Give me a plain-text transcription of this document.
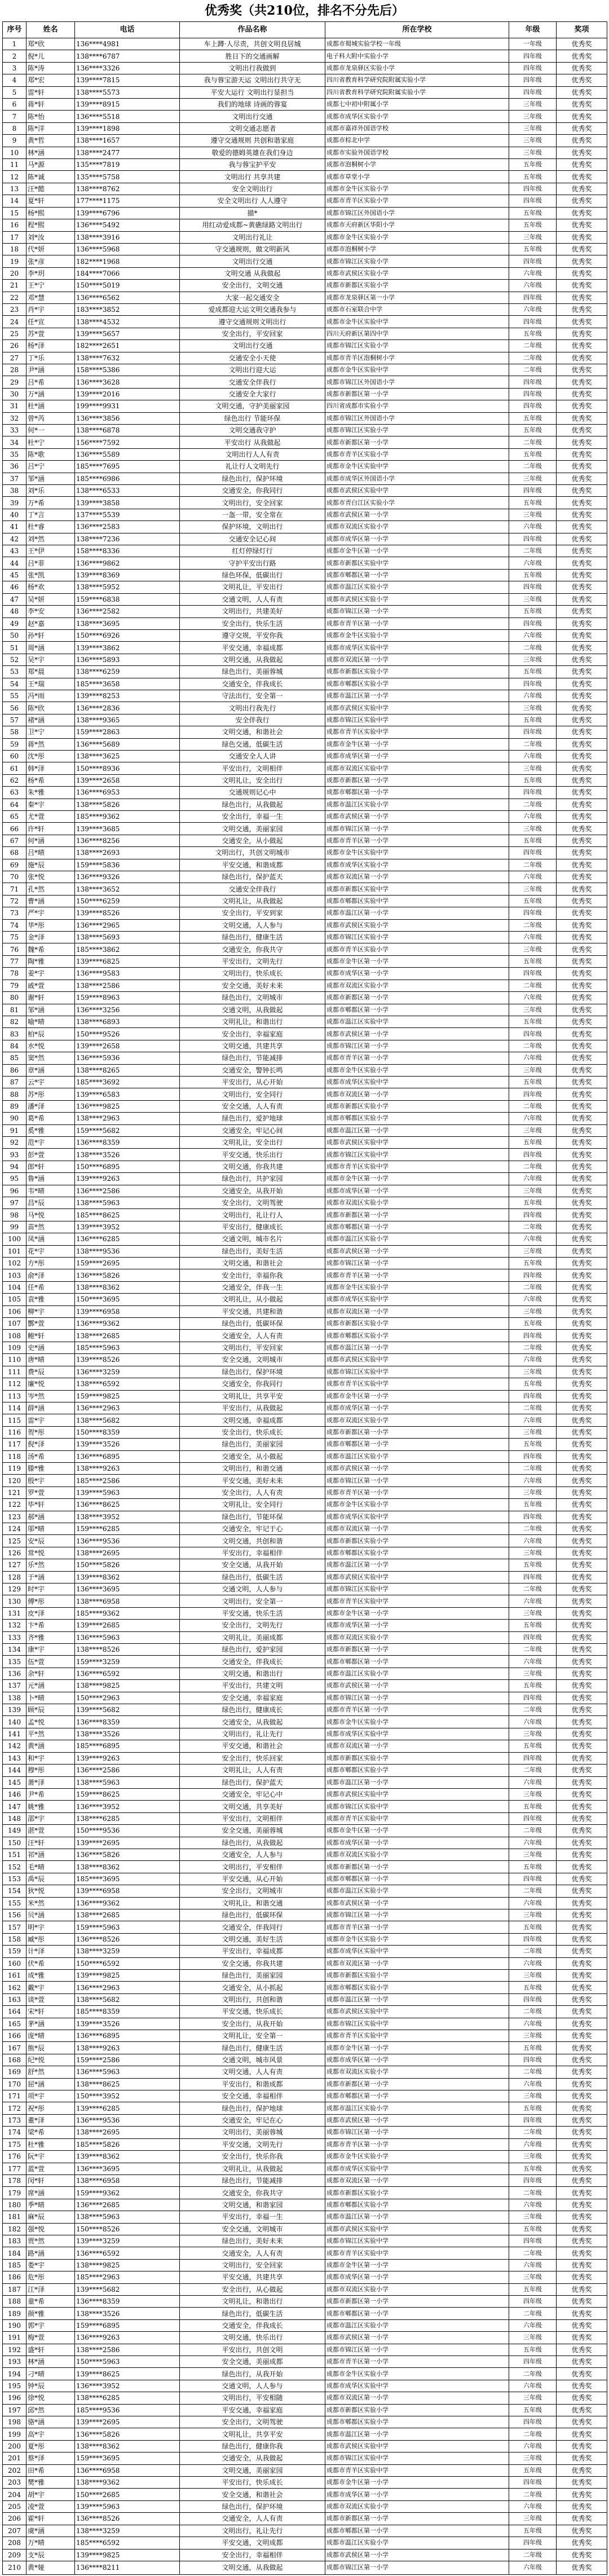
优秀奖（共210位，排名不分先后）
序号	姓名	电话	作品名称	所在学校	年级	奖项
1	郑*欣	136****4981	车上蹲·人尽责，共创文明良居城	成都市蜀城实验学校一年级	一年级	优秀奖
2	倪*儿	138****6787	胜日下的交通画解	电子科大附中实验小学	四年级	优秀奖
3	陈*涛	136****3326	文明出行我做到	成都市龙泉驿区实验小学	四年级	优秀奖
4	郑*宏	139****7815	我与蓉宝游天运 文明出行共守无	四川省教育科学研究院附属实验小学	四年级	优秀奖
5	雷*轩	138****5573	平安大运行 文明出行显担当	四川省教育科学研究院附属实验小学	四年级	优秀奖
6	蒋*轩	139****8915	我们的地球 诗画的蓉宴	成都七中初中附属小学	三年级	优秀奖
7	陈*怡	136****5518	文明出行交通	成都市成华区实验小学	三年级	优秀奖
8	陈*洋	139****1898	文明交通志愿者	成都市嘉祥外国语学校	三年级	优秀奖
9	黄*哲	138****1657	遵守交通规则 共创和谐家庭	成都市棕北中学	三年级	优秀奖
10	林*涵	138****2477	敬爱的德姆英雄在我们身边	成都市实验外国语学校	三年级	优秀奖
11	马*源	135****7819	我与蓉宝护平安	成都市泡桐树小学	五年级	优秀奖
12	陈*诚	135****5758	文明出行 共享共建	成都市草堂小学	五年级	优秀奖
13	汪*懿	138****8762	安全文明出行	成都市金牛区实验小学	四年级	优秀奖
14	夏*轩	177****1175	安全文明出行 人人遵守	成都市青羊区实验小学	四年级	优秀奖
15	杨*熙	139****6796	描*	成都市锦江区外国语小学	五年级	优秀奖
16	程*熙	136****5492	用红动爱成都~黄礁绿路文明出行	成都市天府新区华阳小学	五年级	优秀奖
17	刘*汝	138****3916	文明出行礼让	成都市金牛区实验小学	三年级	优秀奖
18	代*妍	136****5968	守交通规则，做文明新风	成都市泡桐树小学	五年级	优秀奖
19	张*彦	182****1968	文明出行交通	成都市锦江区实验小学	四年级	优秀奖
20	李*玥	184****7066	文明交通 从我做起	成都市武侯区实验小学	六年级	优秀奖
21	王*宁	150****5019	安全出行，文明交通	成都市新都区实验小学	六年级	优秀奖
22	邓*慧	136****6562	大家一起交通安全	成都市龙泉驿区第一小学	四年级	优秀奖
23	肖*宇	183****3852	爱成都迎大运文明交通我参与	成都市石室联合中学	六年级	优秀奖
24	任*宣	138****4532	遵守交通规则文明出行	成都市金牛区实验中学	四年级	优秀奖
25	苏*萱	139****5657	安全出行，平安回家	四川天府新区第四中学	五年级	优秀奖
26	杨*泽	182****2651	文明出行交通	成都市锦江区实验小学	二年级	优秀奖
27	丁*乐	138****7632	交通安全小天使	成都市青羊区泡桐树小学	二年级	优秀奖
28	尹*涵	158****5386	文明出行迎大运	成都市金牛区实验中学	二年级	优秀奖
29	吕*希	136****3628	交通安全伴我行	成都市锦江区外国语小学	四年级	优秀奖
30	万*涵	139****2016	交通安全大家行	成都市新都区第一小学	四年级	优秀奖
31	杜*涵	199****9931	文明交通，守护美丽家园	四川省成都市实验小学	四年级	优秀奖
32	曾*芮	136****3856	绿色出行 节能环保	成都市锦江区外国语小学	五年级	优秀奖
33	何*一	138****6878	文明交通我守护	成都市锦江区实验小学	五年级	优秀奖
34	杜*宁	156****7592	平安出行 从我做起	成都市新都区第一小学	二年级	优秀奖
35	陈*歌	136****5589	文明出行人人有责	成都市青羊区实验小学	五年级	优秀奖
36	吕*宁	185****7695	礼让行人文明先行	成都市金牛区实验中学	二年级	优秀奖
37	邹*涵	185****6986	绿色出行，保护环境	成都市成华区外国语小学	三年级	优秀奖
38	刘*乐	138****6533	交通安全，你我同行	成都市武侯区实验中学	四年级	优秀奖
39	万*希	139****3858	文明出行，安全回家	成都市青白江区实验小学	五年级	优秀奖
40	丁*言	137****5539	一盔一带，安全常在	成都市武侯区第一小学	三年级	优秀奖
41	杜*睿	136****2583	保护环境，文明出行	成都市双流区实验小学	六年级	优秀奖
42	刘*然	138****7236	交通安全记心间	成都市成华区第一小学	四年级	优秀奖
43	王*伊	158****8336	红灯停绿灯行	成都市金牛区第一小学	二年级	优秀奖
44	吕*菲	136****9862	守护平安出行路	成都市新都区实验中学	六年级	优秀奖
45	张*凯	139****8369	绿色环保，低碳出行	成都市郫都区第一小学	五年级	优秀奖
46	杨*欢	138****5952	文明礼让，平安出行	成都市温江区实验小学	四年级	优秀奖
47	吴*妍	159****6838	交通文明，人人有责	成都市武侯区实验小学	三年级	优秀奖
48	李*安	136****2582	文明出行，共建美好	成都市锦江区第一小学	五年级	优秀奖
49	赵*嘉	138****3695	安全出行，快乐生活	成都市青羊区第一小学	四年级	优秀奖
50	孙*轩	150****6926	遵守交规，平安你我	成都市金牛区实验小学	六年级	优秀奖
51	周*涵	139****3862	平安交通，幸福成都	成都市成华区实验中学	二年级	优秀奖
52	吴*宇	136****5893	文明交通，从我做起	成都市双流区第一小学	三年级	优秀奖
53	郑*晨	138****6259	绿色出行，美丽蓉城	成都市新都区实验小学	五年级	优秀奖
54	王*瑞	185****3658	交通安全，伴我成长	成都市郫都区实验小学	四年级	优秀奖
55	冯*雨	139****8253	守法出行，安全第一	成都市温江区第一小学	六年级	优秀奖
56	陈*欣	136****2836	文明出行我先行	成都市武侯区实验中学	三年级	优秀奖
57	褚*涵	138****9365	安全伴我行	成都市锦江区实验中学	五年级	优秀奖
58	卫*宁	159****2863	文明交通，和谐社会	成都市青羊区实验中学	四年级	优秀奖
59	蒋*然	136****5689	绿色交通，低碳生活	成都市金牛区第一小学	二年级	优秀奖
60	沈*彤	138****3625	交通安全人人讲	成都市成华区第一小学	六年级	优秀奖
61	韩*泽	150****8936	平安出行，文明相伴	成都市双流区实验中学	三年级	优秀奖
62	杨*希	139****2658	文明礼让，安全出行	成都市新都区第一小学	五年级	优秀奖
63	朱*雅	136****6953	交通规则记心中	成都市郫都区第一小学	四年级	优秀奖
64	秦*宇	138****5826	绿色出行，从我做起	成都市温江区实验小学	二年级	优秀奖
65	尤*萱	185****9362	安全出行，幸福一生	成都市武侯区第一小学	六年级	优秀奖
66	许*轩	139****3685	文明交通，美丽家园	成都市锦江区第一小学	三年级	优秀奖
67	何*涵	136****8256	交通安全，从小做起	成都市青羊区第一小学	五年级	优秀奖
68	吕*晴	138****2693	文明出行，共创文明城市	成都市金牛区实验中学	四年级	优秀奖
69	施*辰	159****5836	平安交通，和谐成都	成都市成华区实验小学	二年级	优秀奖
70	张*悦	136****9326	绿色出行，保护蓝天	成都市双流区第一小学	六年级	优秀奖
71	孔*然	138****3652	交通安全伴我行	成都市新都区实验中学	三年级	优秀奖
72	曹*涵	150****6259	文明礼让，从我做起	成都市郫都区实验中学	五年级	优秀奖
73	严*宇	139****8526	安全出行，平安到家	成都市温江区第一小学	四年级	优秀奖
74	华*彤	136****2965	文明交通，人人参与	成都市武侯区实验小学	二年级	优秀奖
75	金*泽	138****5693	绿色出行，健康生活	成都市锦江区实验小学	六年级	优秀奖
76	魏*希	185****3862	交通安全，你我共守	成都市青羊区实验小学	三年级	优秀奖
77	陶*雅	139****6825	平安出行，文明先行	成都市金牛区第一小学	五年级	优秀奖
78	姜*宇	136****9583	文明出行，快乐成长	成都市成华区第一小学	四年级	优秀奖
79	戚*萱	138****2586	安全交通，美好未来	成都市双流区实验小学	二年级	优秀奖
80	谢*轩	159****8963	绿色出行，文明城市	成都市新都区第一小学	六年级	优秀奖
81	邹*涵	136****3256	交通文明，从我做起	成都市郫都区第一小学	三年级	优秀奖
82	喻*晴	138****6893	文明礼让，和谐出行	成都市温江区实验中学	五年级	优秀奖
83	柏*辰	150****9526	安全出行，幸福家庭	成都市武侯区第一小学	四年级	优秀奖
84	水*悦	139****2658	文明交通，共建共享	成都市锦江区第一小学	二年级	优秀奖
85	窦*然	136****5936	绿色出行，节能减排	成都市青羊区第一小学	六年级	优秀奖
86	章*涵	138****8265	交通安全，警钟长鸣	成都市金牛区实验小学	三年级	优秀奖
87	云*宇	185****3692	平安出行，从心开始	成都市成华区实验中学	五年级	优秀奖
88	苏*彤	139****6583	文明出行，安全同行	成都市双流区第一小学	四年级	优秀奖
89	潘*泽	136****9825	安全交通，人人有责	成都市新都区实验小学	二年级	优秀奖
90	葛*希	138****2963	绿色出行，爱护地球	成都市郫都区实验小学	六年级	优秀奖
91	奚*雅	159****5682	交通安全，牢记心间	成都市温江区第一小学	三年级	优秀奖
92	范*宇	136****8359	文明礼让，安全出行	成都市武侯区实验中学	五年级	优秀奖
93	彭*萱	138****3526	平安交通，快乐出行	成都市锦江区实验中学	四年级	优秀奖
94	郎*轩	150****6895	文明交通，你我共建	成都市青羊区实验中学	二年级	优秀奖
95	鲁*涵	139****9263	绿色出行，共护家园	成都市金牛区第一小学	六年级	优秀奖
96	韦*晴	136****2586	交通安全，从我开始	成都市成华区第一小学	三年级	优秀奖
97	昌*辰	138****5963	安全出行，文明驾驶	成都市双流区实验小学	五年级	优秀奖
98	马*悦	185****8625	文明出行，礼让行人	成都市新都区第一小学	四年级	优秀奖
99	苗*然	139****3952	平安出行，健康成长	成都市郫都区第一小学	二年级	优秀奖
100	凤*涵	136****6285	交通文明，城市名片	成都市温江区实验小学	六年级	优秀奖
101	花*宇	138****9536	绿色出行，美好生活	成都市武侯区第一小学	三年级	优秀奖
102	方*彤	159****2695	文明交通，和谐社会	成都市锦江区第一小学	五年级	优秀奖
103	俞*泽	136****5826	安全出行，幸福你我	成都市青羊区第一小学	四年级	优秀奖
104	任*希	138****8362	交通安全，伴我一生	成都市金牛区实验小学	二年级	优秀奖
105	袁*雅	150****3695	文明礼让，从小做起	成都市成华区实验中学	六年级	优秀奖
106	柳*宇	139****6958	平安交通，共建和谐	成都市双流区第一小学	三年级	优秀奖
107	酆*萱	136****9362	绿色出行，低碳环保	成都市新都区实验小学	五年级	优秀奖
108	鲍*轩	138****2685	交通安全，人人有责	成都市郫都区实验小学	四年级	优秀奖
109	史*涵	185****5963	文明出行，平安回家	成都市温江区第一小学	二年级	优秀奖
110	唐*晴	139****8526	安全交通，文明城市	成都市武侯区实验中学	六年级	优秀奖
111	费*辰	136****3259	绿色出行，保护环境	成都市锦江区实验中学	三年级	优秀奖
112	廉*悦	138****6592	交通安全，你我同行	成都市青羊区实验中学	五年级	优秀奖
113	岑*然	159****9825	文明礼让，共享平安	成都市金牛区第一小学	四年级	优秀奖
114	薛*涵	136****2963	平安出行，从我做起	成都市成华区第一小学	二年级	优秀奖
115	雷*宇	138****5682	文明交通，幸福成都	成都市双流区实验小学	六年级	优秀奖
116	贺*彤	150****8359	安全出行，快乐成长	成都市新都区第一小学	三年级	优秀奖
117	倪*泽	139****3526	绿色出行，美丽家园	成都市郫都区第一小学	五年级	优秀奖
118	汤*希	136****6895	交通安全，从小做起	成都市温江区实验小学	四年级	优秀奖
119	滕*雅	138****9263	文明出行，和谐交通	成都市武侯区第一小学	二年级	优秀奖
120	殷*宇	185****2586	平安交通，美好未来	成都市锦江区第一小学	六年级	优秀奖
121	罗*萱	139****5963	安全出行，人人有责	成都市青羊区第一小学	三年级	优秀奖
122	毕*轩	136****8625	文明礼让，安全同行	成都市金牛区实验小学	五年级	优秀奖
123	郝*涵	138****3952	绿色出行，节能环保	成都市成华区实验中学	四年级	优秀奖
124	邬*晴	159****6285	交通安全，牢记于心	成都市双流区第一小学	二年级	优秀奖
125	安*辰	136****9536	文明交通，共创和谐	成都市新都区实验小学	六年级	优秀奖
126	常*悦	138****2695	平安出行，幸福相伴	成都市郫都区实验小学	三年级	优秀奖
127	乐*然	150****5826	安全交通，从我开始	成都市温江区第一小学	五年级	优秀奖
128	于*涵	139****8362	绿色出行，低碳生活	成都市武侯区实验中学	四年级	优秀奖
129	时*宇	136****3695	交通文明，人人参与	成都市锦江区实验中学	二年级	优秀奖
130	傅*彤	138****6958	文明出行，安全第一	成都市青羊区实验中学	六年级	优秀奖
131	皮*泽	185****9362	平安交通，快乐生活	成都市金牛区第一小学	三年级	优秀奖
132	卞*希	139****2685	安全出行，文明先行	成都市成华区第一小学	五年级	优秀奖
133	齐*雅	136****5963	文明礼让，美丽成都	成都市双流区实验小学	四年级	优秀奖
134	康*宇	138****8526	绿色出行，爱护家园	成都市新都区第一小学	二年级	优秀奖
135	伍*萱	159****3259	交通安全，伴我成长	成都市郫都区第一小学	六年级	优秀奖
136	余*轩	136****6592	文明交通，和谐出行	成都市温江区实验小学	三年级	优秀奖
137	元*涵	138****9825	平安出行，共建文明	成都市武侯区第一小学	五年级	优秀奖
138	卜*晴	150****2963	安全交通，幸福家庭	成都市锦江区第一小学	四年级	优秀奖
139	顾*辰	139****5682	绿色出行，健康成长	成都市青羊区第一小学	二年级	优秀奖
140	孟*悦	136****8359	交通安全，从我做起	成都市金牛区实验小学	六年级	优秀奖
141	平*然	138****3526	文明出行，礼让先行	成都市成华区实验中学	三年级	优秀奖
142	黄*涵	185****6895	平安交通，和谐社会	成都市双流区第一小学	五年级	优秀奖
143	和*宇	139****9263	安全出行，快乐回家	成都市新都区实验小学	四年级	优秀奖
144	穆*彤	136****2586	文明礼让，人人有责	成都市郫都区实验小学	二年级	优秀奖
145	萧*泽	138****5963	绿色出行，保护蓝天	成都市温江区第一小学	六年级	优秀奖
146	尹*希	159****8625	交通安全，牢记心中	成都市武侯区实验中学	三年级	优秀奖
147	姚*雅	136****3952	文明交通，共享美好	成都市锦江区实验中学	五年级	优秀奖
148	邵*宇	138****6285	平安出行，文明相伴	成都市青羊区实验中学	四年级	优秀奖
149	湛*萱	150****9536	安全交通，美丽蓉城	成都市金牛区第一小学	二年级	优秀奖
150	汪*轩	139****2695	绿色出行，从我做起	成都市成华区第一小学	六年级	优秀奖
151	祁*涵	136****5826	交通安全，人人参与	成都市双流区实验小学	三年级	优秀奖
152	毛*晴	138****8362	文明出行，平安相伴	成都市新都区第一小学	五年级	优秀奖
153	禹*辰	185****3695	平安交通，从心开始	成都市郫都区第一小学	四年级	优秀奖
154	狄*悦	139****6958	安全出行，文明城市	成都市温江区实验小学	二年级	优秀奖
155	米*然	136****9362	文明礼让，和谐交通	成都市武侯区第一小学	六年级	优秀奖
156	贝*涵	138****2685	绿色出行，低碳环保	成都市锦江区第一小学	三年级	优秀奖
157	明*宇	159****5963	交通安全，伴我同行	成都市青羊区第一小学	五年级	优秀奖
158	臧*彤	136****8526	文明交通，美好生活	成都市金牛区实验小学	四年级	优秀奖
159	计*泽	138****3259	平安出行，幸福成都	成都市成华区实验中学	二年级	优秀奖
160	伏*希	150****6592	安全交通，你我共建	成都市双流区第一小学	六年级	优秀奖
161	成*雅	139****9825	绿色出行，美丽家园	成都市新都区实验小学	三年级	优秀奖
162	戴*宇	136****2963	交通安全，从小抓起	成都市郫都区实验小学	五年级	优秀奖
163	谈*萱	138****5682	文明出行，共创和谐	成都市温江区第一小学	四年级	优秀奖
164	宋*轩	185****8359	平安交通，快乐成长	成都市武侯区实验中学	二年级	优秀奖
165	茅*涵	139****3526	安全出行，从我开始	成都市锦江区实验中学	六年级	优秀奖
166	庞*晴	136****6895	文明礼让，安全第一	成都市青羊区实验中学	三年级	优秀奖
167	熊*辰	138****9263	绿色出行，健康生活	成都市金牛区第一小学	五年级	优秀奖
168	纪*悦	159****2586	交通文明，城市风景	成都市成华区第一小学	四年级	优秀奖
169	舒*然	136****5963	文明交通，人人有责	成都市双流区实验小学	二年级	优秀奖
170	屈*涵	138****8625	平安出行，和谐成都	成都市新都区第一小学	六年级	优秀奖
171	项*宇	150****3952	安全交通，幸福相伴	成都市郫都区第一小学	三年级	优秀奖
172	祝*彤	139****6285	绿色出行，保护地球	成都市温江区实验小学	五年级	优秀奖
173	董*泽	136****9536	交通安全，牢记在心	成都市武侯区第一小学	四年级	优秀奖
174	梁*希	138****2695	文明出行，美丽蓉城	成都市锦江区第一小学	二年级	优秀奖
175	杜*雅	185****5826	平安交通，文明先行	成都市青羊区第一小学	六年级	优秀奖
176	阮*宇	139****8362	安全出行，快乐你我	成都市金牛区实验小学	三年级	优秀奖
177	蓝*萱	136****3695	文明礼让，从我做起	成都市成华区实验中学	五年级	优秀奖
178	闵*轩	138****6958	绿色出行，节能减排	成都市双流区第一小学	四年级	优秀奖
179	席*涵	159****9362	交通安全，你我共守	成都市新都区实验小学	二年级	优秀奖
180	季*晴	136****2685	文明交通，和谐家园	成都市郫都区实验小学	六年级	优秀奖
181	麻*辰	138****5963	平安出行，幸福一生	成都市温江区第一小学	三年级	优秀奖
182	强*悦	150****8526	安全交通，文明城市	成都市武侯区实验中学	五年级	优秀奖
183	贾*然	139****3259	绿色出行，美好未来	成都市锦江区实验中学	四年级	优秀奖
184	路*涵	136****6592	交通安全，人人有责	成都市青羊区实验中学	二年级	优秀奖
185	娄*宇	138****9825	文明出行，安全回家	成都市金牛区第一小学	六年级	优秀奖
186	危*彤	185****2963	平安交通，共建共享	成都市成华区第一小学	三年级	优秀奖
187	江*泽	139****5682	安全出行，从心做起	成都市双流区实验小学	五年级	优秀奖
188	童*希	136****8359	文明礼让，和谐出行	成都市新都区第一小学	四年级	优秀奖
189	颜*雅	138****3526	绿色出行，低碳生活	成都市郫都区第一小学	二年级	优秀奖
190	郭*宇	159****6895	交通安全，伴我成长	成都市温江区实验小学	六年级	优秀奖
191	梅*萱	136****9263	文明交通，快乐出行	成都市武侯区第一小学	三年级	优秀奖
192	盛*轩	138****2586	平安出行，共创文明	成都市锦江区第一小学	五年级	优秀奖
193	林*涵	150****5963	安全交通，美丽成都	成都市青羊区第一小学	四年级	优秀奖
194	刁*晴	139****8625	绿色出行，从我开始	成都市金牛区实验小学	二年级	优秀奖
195	钟*辰	136****3952	交通文明，人人参与	成都市成华区实验中学	六年级	优秀奖
196	徐*悦	138****6285	文明出行，平安相随	成都市双流区第一小学	三年级	优秀奖
197	邱*然	185****9536	平安交通，幸福家庭	成都市新都区实验小学	五年级	优秀奖
198	骆*涵	139****2695	安全出行，文明驾驶	成都市郫都区实验小学	四年级	优秀奖
199	高*宇	136****5826	文明礼让，共享平安	成都市温江区第一小学	二年级	优秀奖
200	夏*彤	138****8362	绿色出行，健康你我	成都市武侯区实验中学	六年级	优秀奖
201	蔡*泽	159****3695	交通安全，从我做起	成都市锦江区实验中学	三年级	优秀奖
202	田*希	136****6958	文明交通，美丽家园	成都市青羊区实验中学	五年级	优秀奖
203	樊*雅	138****9362	平安出行，快乐成长	成都市金牛区第一小学	四年级	优秀奖
204	胡*宇	150****2685	安全交通，和谐社会	成都市成华区第一小学	二年级	优秀奖
205	凌*萱	139****5963	绿色出行，保护环境	成都市双流区实验小学	六年级	优秀奖
206	霍*轩	136****8526	交通安全，人人有责	成都市新都区第一小学	三年级	优秀奖
207	虞*涵	138****3259	文明出行，礼让先行	成都市郫都区第一小学	五年级	优秀奖
208	万*晴	185****6592	平安交通，文明成都	成都市温江区实验小学	四年级	优秀奖
209	支*辰	139****9825	安全出行，幸福相伴	成都市武侯区第一小学	二年级	优秀奖
210	黄*娅	136****8211	文明交通，从我做起	成都市锦江区第一小学	六年级	优秀奖
